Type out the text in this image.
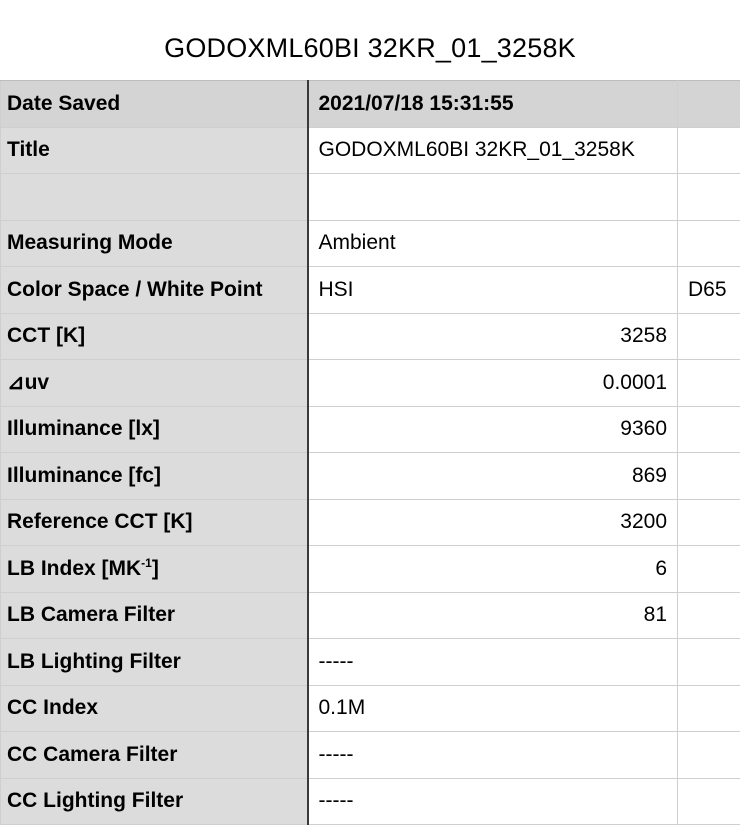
GODOXML60BI 32KR_01_3258K
Date Saved	2021/07/18 15:31:55	
Title	GODOXML60BI 32KR_01_3258K	

Measuring Mode	Ambient	
Color Space / White Point	HSI	D65
CCT [K]	3258	
⊿uv	0.0001	
Illuminance [lx]	9360	
Illuminance [fc]	869	
Reference CCT [K]	3200	
LB Index $[MK^{-1}]$	6	
LB Camera Filter	81	
LB Lighting Filter	-----	
CC Index	0.1M	
CC Camera Filter	-----	
CC Lighting Filter	-----	
